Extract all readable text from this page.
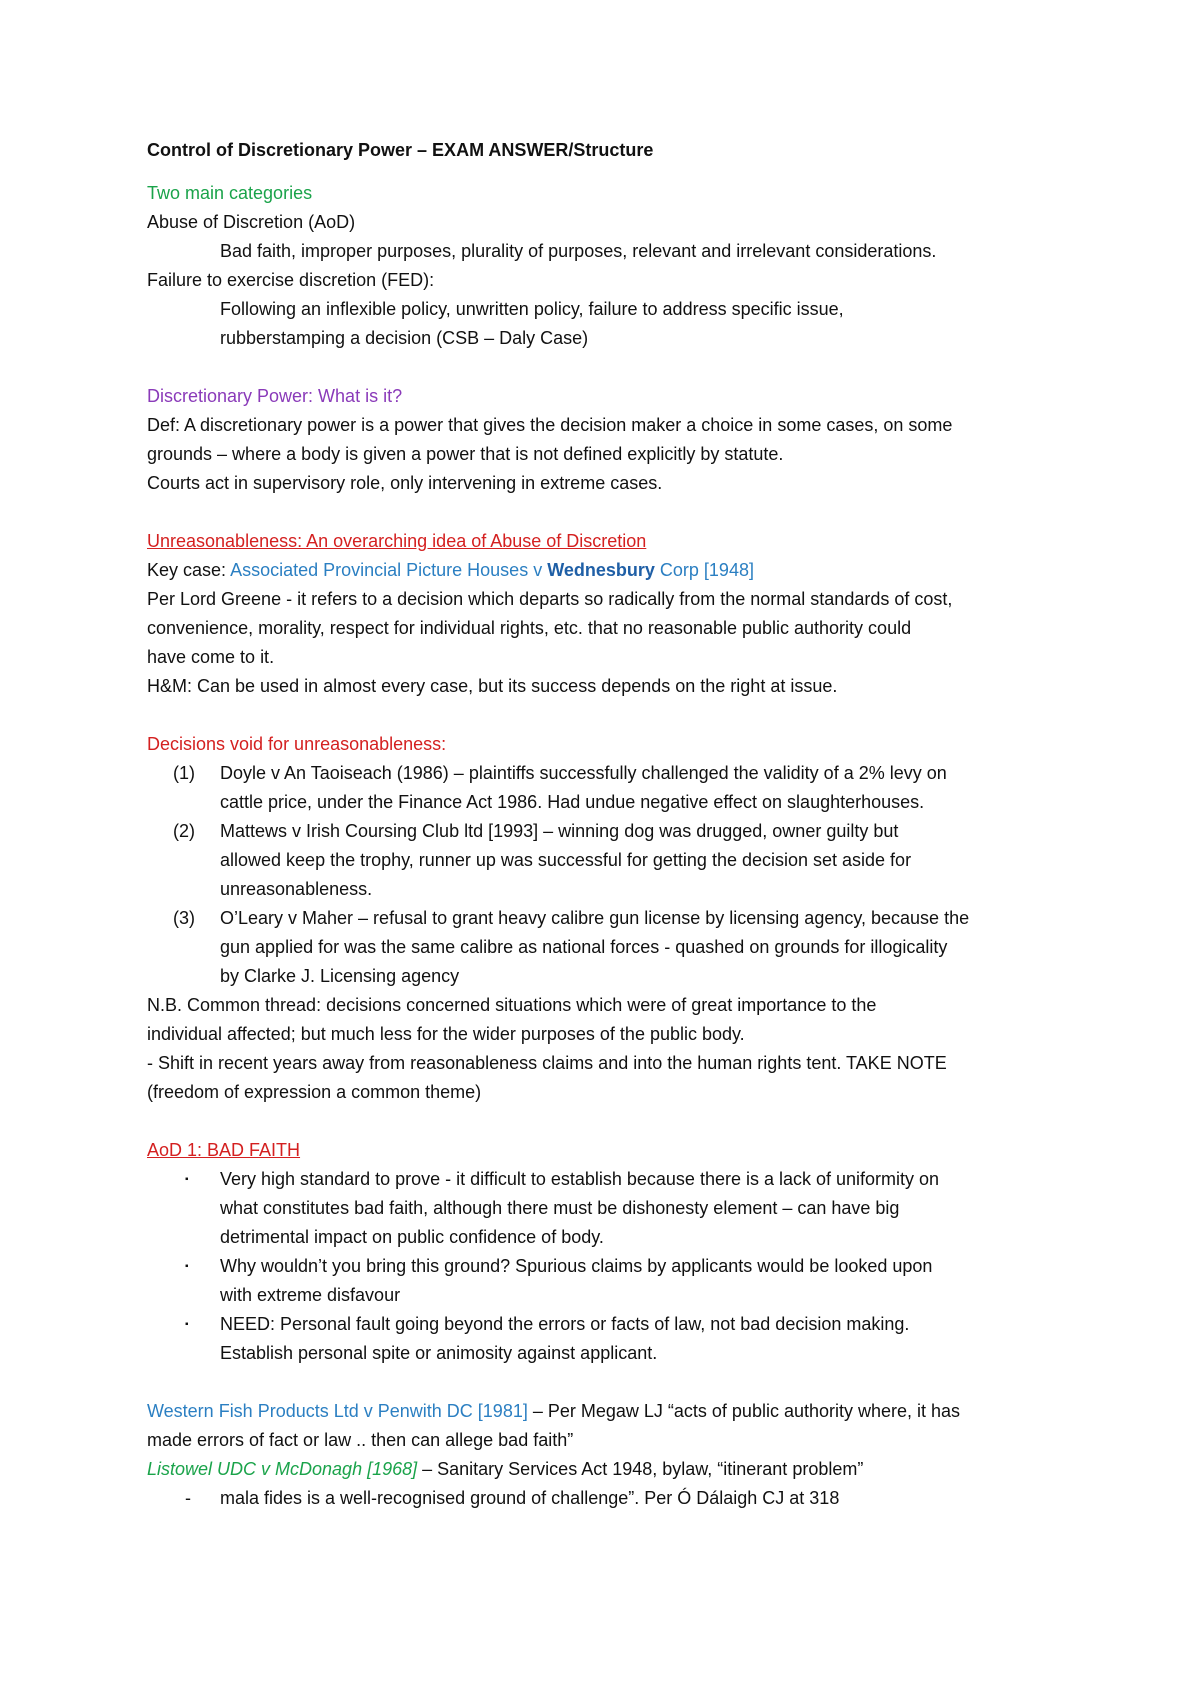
Control of Discretionary Power – EXAM ANSWER/Structure
Two main categories
Abuse of Discretion (AoD)
Bad faith, improper purposes, plurality of purposes, relevant and irrelevant considerations.
Failure to exercise discretion (FED):
Following an inflexible policy, unwritten policy, failure to address specific issue,
rubberstamping a decision (CSB – Daly Case)
Discretionary Power: What is it?
Def: A discretionary power is a power that gives the decision maker a choice in some cases, on some
grounds – where a body is given a power that is not defined explicitly by statute.
Courts act in supervisory role, only intervening in extreme cases.
Unreasonableness: An overarching idea of Abuse of Discretion
Key case: Associated Provincial Picture Houses v Wednesbury Corp [1948]
Per Lord Greene - it refers to a decision which departs so radically from the normal standards of cost,
convenience, morality, respect for individual rights, etc. that no reasonable public authority could
have come to it.
H&M: Can be used in almost every case, but its success depends on the right at issue.
Decisions void for unreasonableness:
(1)	Doyle v An Taoiseach (1986) – plaintiffs successfully challenged the validity of a 2% levy on
cattle price, under the Finance Act 1986. Had undue negative effect on slaughterhouses.
(2)	Mattews v Irish Coursing Club ltd [1993] – winning dog was drugged, owner guilty but
allowed keep the trophy, runner up was successful for getting the decision set aside for
unreasonableness.
(3)	O’Leary v Maher – refusal to grant heavy calibre gun license by licensing agency, because the
gun applied for was the same calibre as national forces - quashed on grounds for illogicality
by Clarke J. Licensing agency
N.B. Common thread: decisions concerned situations which were of great importance to the
individual affected; but much less for the wider purposes of the public body.
- Shift in recent years away from reasonableness claims and into the human rights tent. TAKE NOTE
(freedom of expression a common theme)
AoD 1: BAD FAITH
▪	Very high standard to prove - it difficult to establish because there is a lack of uniformity on
what constitutes bad faith, although there must be dishonesty element – can have big
detrimental impact on public confidence of body.
▪	Why wouldn’t you bring this ground? Spurious claims by applicants would be looked upon
with extreme disfavour
▪	NEED: Personal fault going beyond the errors or facts of law, not bad decision making.
Establish personal spite or animosity against applicant.
Western Fish Products Ltd v Penwith DC [1981] – Per Megaw LJ “acts of public authority where, it has
made errors of fact or law .. then can allege bad faith”
Listowel UDC v McDonagh [1968] – Sanitary Services Act 1948, bylaw, “itinerant problem”
-	mala fides is a well-recognised ground of challenge”. Per Ó Dálaigh CJ at 318
